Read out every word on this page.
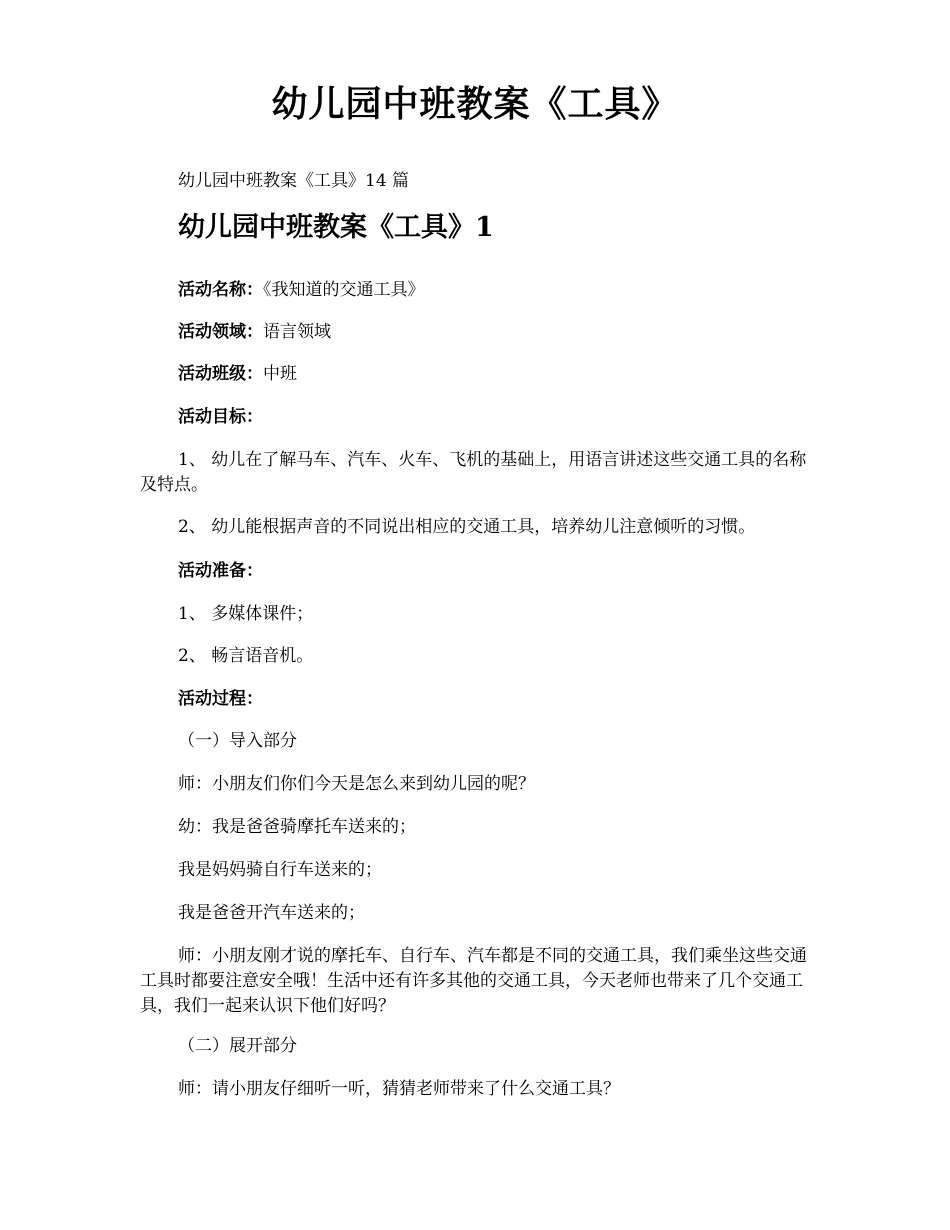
幼儿园中班教案《工具》

幼儿园中班教案《工具》14 篇

幼儿园中班教案《工具》1

活动名称：《我知道的交通工具》

活动领域：语言领域

活动班级：中班

活动目标：

1、 幼儿在了解马车、汽车、火车、飞机的基础上，用语言讲述这些交通工具的名称及特点。

2、 幼儿能根据声音的不同说出相应的交通工具，培养幼儿注意倾听的习惯。

活动准备：

1、 多媒体课件；

2、 畅言语音机。

活动过程：

（一）导入部分

师：小朋友们你们今天是怎么来到幼儿园的呢？

幼：我是爸爸骑摩托车送来的；

我是妈妈骑自行车送来的；

我是爸爸开汽车送来的；

师：小朋友刚才说的摩托车、自行车、汽车都是不同的交通工具，我们乘坐这些交通工具时都要注意安全哦！生活中还有许多其他的交通工具，今天老师也带来了几个交通工具，我们一起来认识下他们好吗？

（二）展开部分

师：请小朋友仔细听一听，猜猜老师带来了什么交通工具？
